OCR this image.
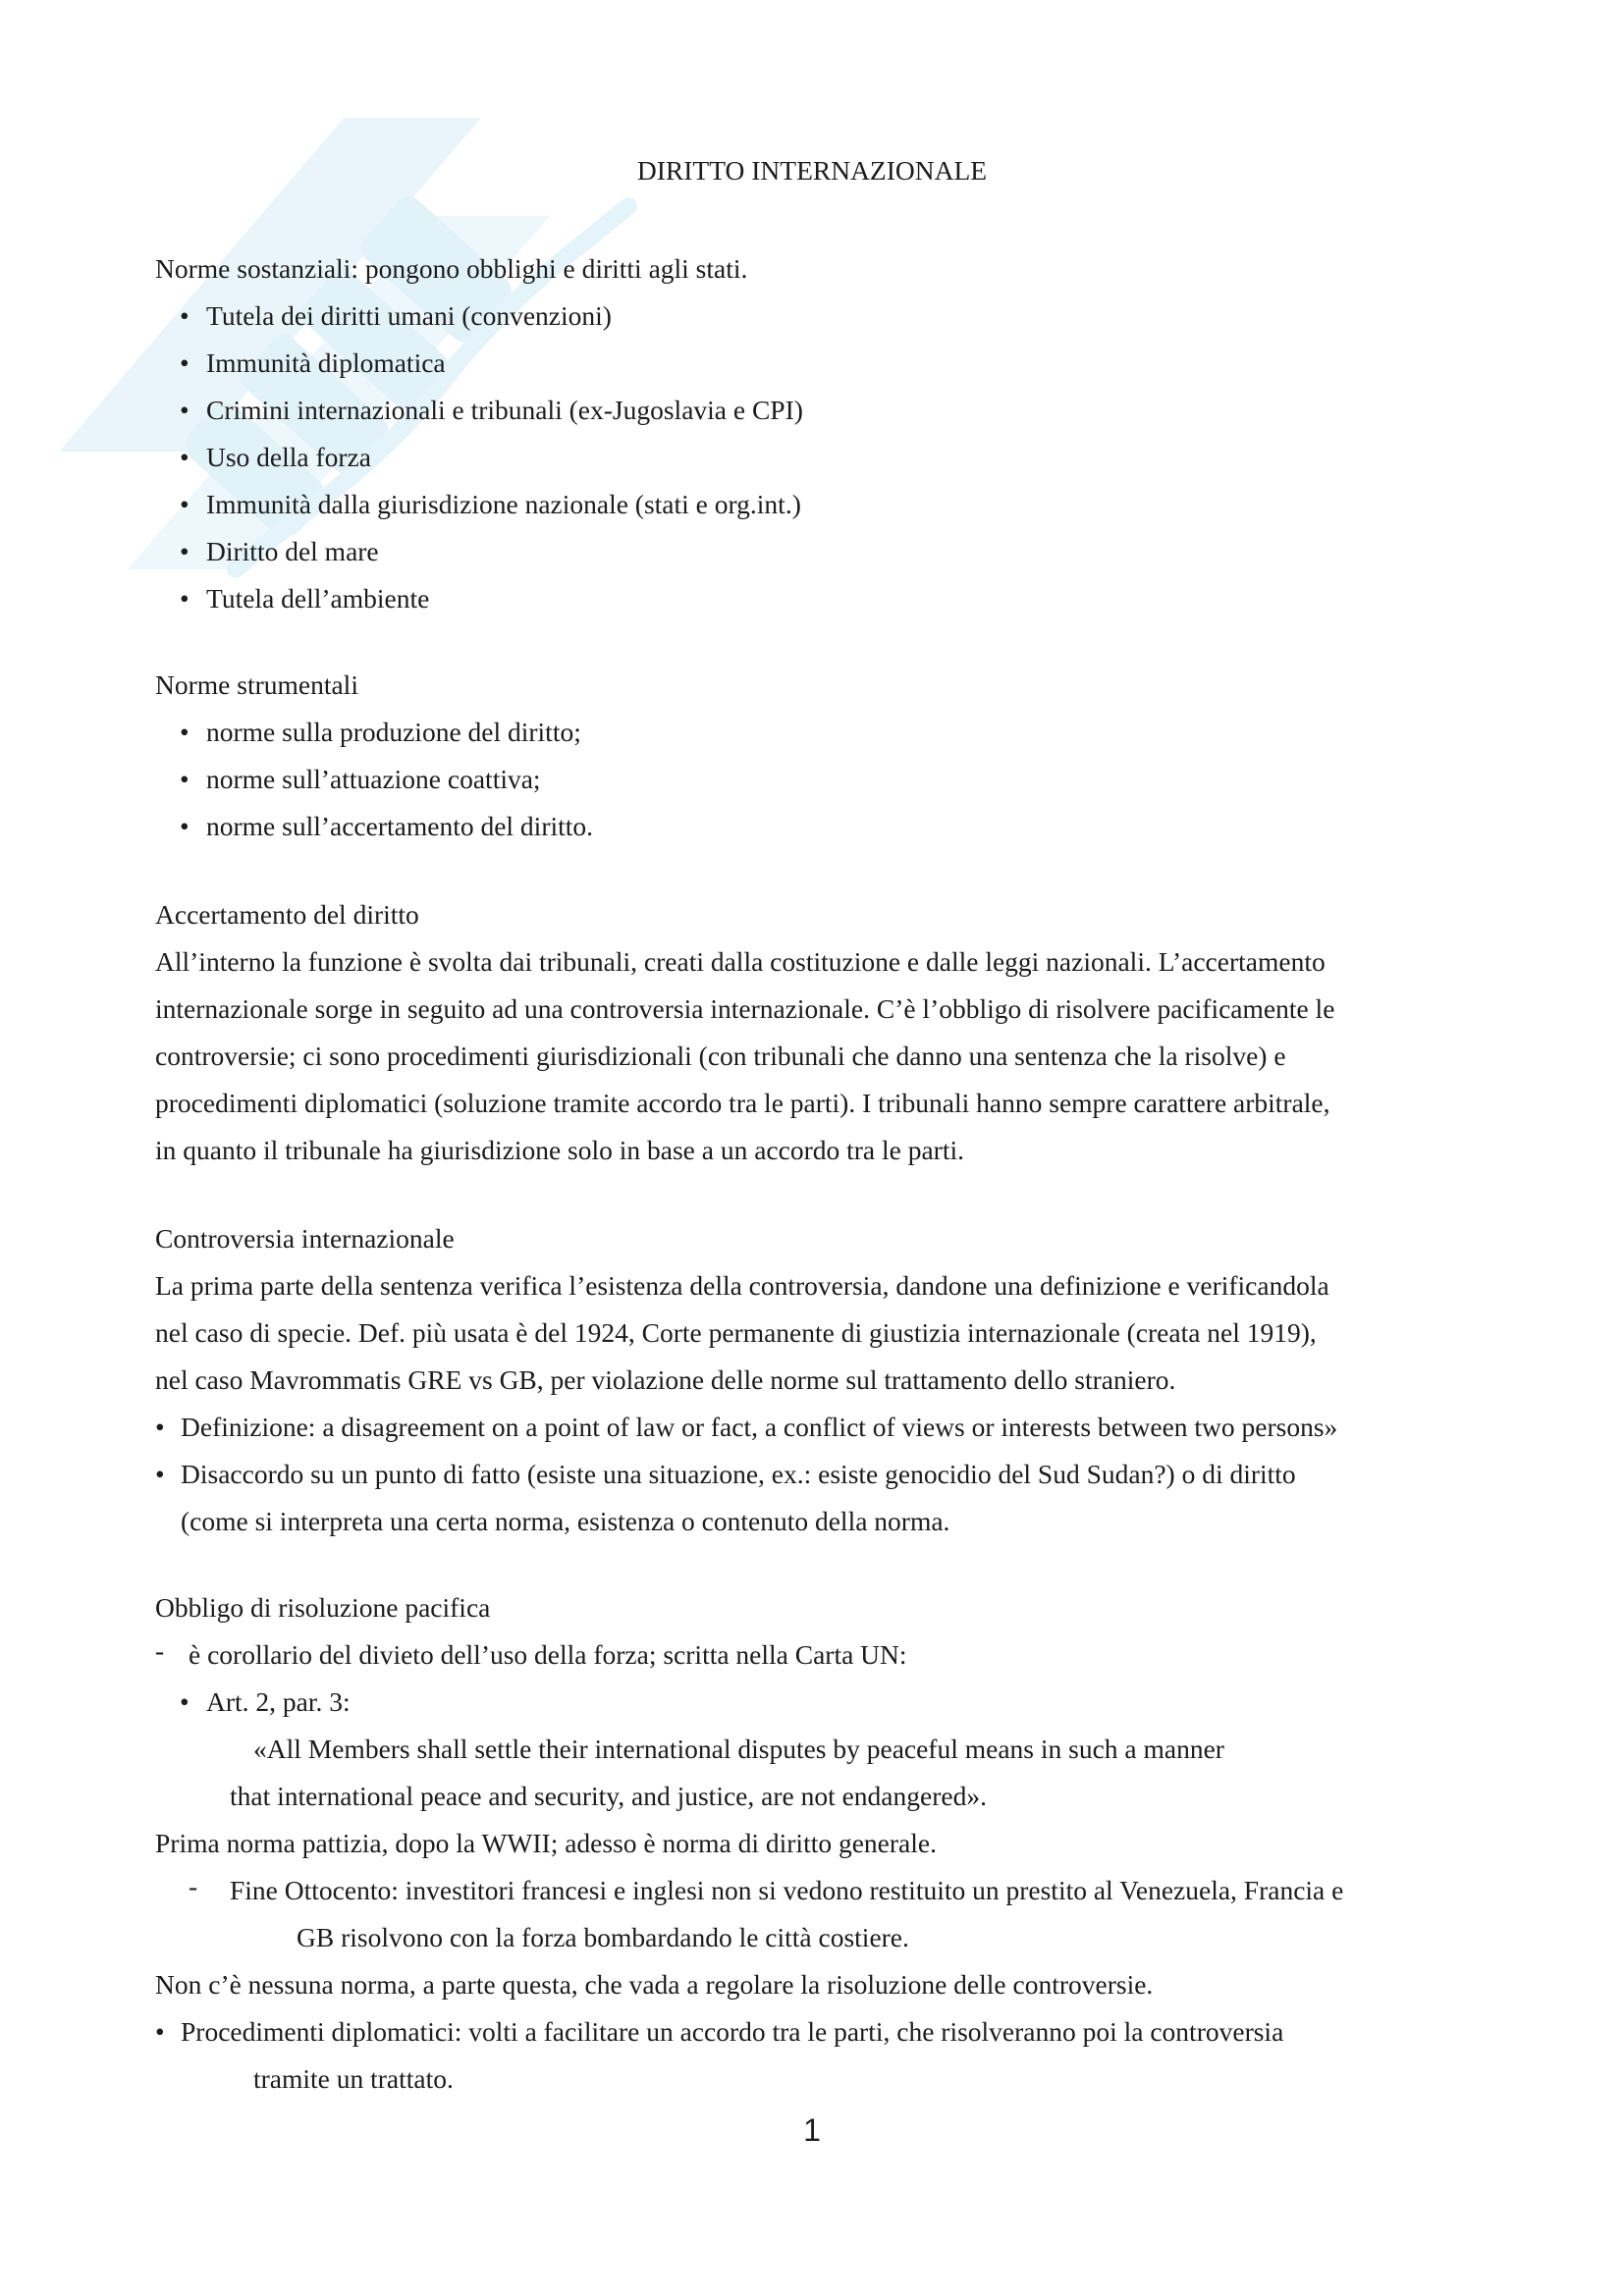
DIRITTO INTERNAZIONALE
Norme sostanziali: pongono obblighi e diritti agli stati.
• Tutela dei diritti umani (convenzioni)
• Immunità diplomatica
• Crimini internazionali e tribunali (ex-Jugoslavia e CPI)
• Uso della forza
• Immunità dalla giurisdizione nazionale (stati e org.int.)
• Diritto del mare
• Tutela dell’ambiente
Norme strumentali
• norme sulla produzione del diritto;
• norme sull’attuazione coattiva;
• norme sull’accertamento del diritto.
Accertamento del diritto
All’interno la funzione è svolta dai tribunali, creati dalla costituzione e dalle leggi nazionali. L’accertamento
internazionale sorge in seguito ad una controversia internazionale. C’è l’obbligo di risolvere pacificamente le
controversie; ci sono procedimenti giurisdizionali (con tribunali che danno una sentenza che la risolve) e
procedimenti diplomatici (soluzione tramite accordo tra le parti). I tribunali hanno sempre carattere arbitrale,
in quanto il tribunale ha giurisdizione solo in base a un accordo tra le parti.
Controversia internazionale
La prima parte della sentenza verifica l’esistenza della controversia, dandone una definizione e verificandola
nel caso di specie. Def. più usata è del 1924, Corte permanente di giustizia internazionale (creata nel 1919),
nel caso Mavrommatis GRE vs GB, per violazione delle norme sul trattamento dello straniero.
• Definizione: a disagreement on a point of law or fact, a conflict of views or interests between two persons»
• Disaccordo su un punto di fatto (esiste una situazione, ex.: esiste genocidio del Sud Sudan?) o di diritto
(come si interpreta una certa norma, esistenza o contenuto della norma.
Obbligo di risoluzione pacifica
- è corollario del divieto dell’uso della forza; scritta nella Carta UN:
• Art. 2, par. 3:
«All Members shall settle their international disputes by peaceful means in such a manner
that international peace and security, and justice, are not endangered».
Prima norma pattizia, dopo la WWII; adesso è norma di diritto generale.
- Fine Ottocento: investitori francesi e inglesi non si vedono restituito un prestito al Venezuela, Francia e
GB risolvono con la forza bombardando le città costiere.
Non c’è nessuna norma, a parte questa, che vada a regolare la risoluzione delle controversie.
• Procedimenti diplomatici: volti a facilitare un accordo tra le parti, che risolveranno poi la controversia
tramite un trattato.
1
